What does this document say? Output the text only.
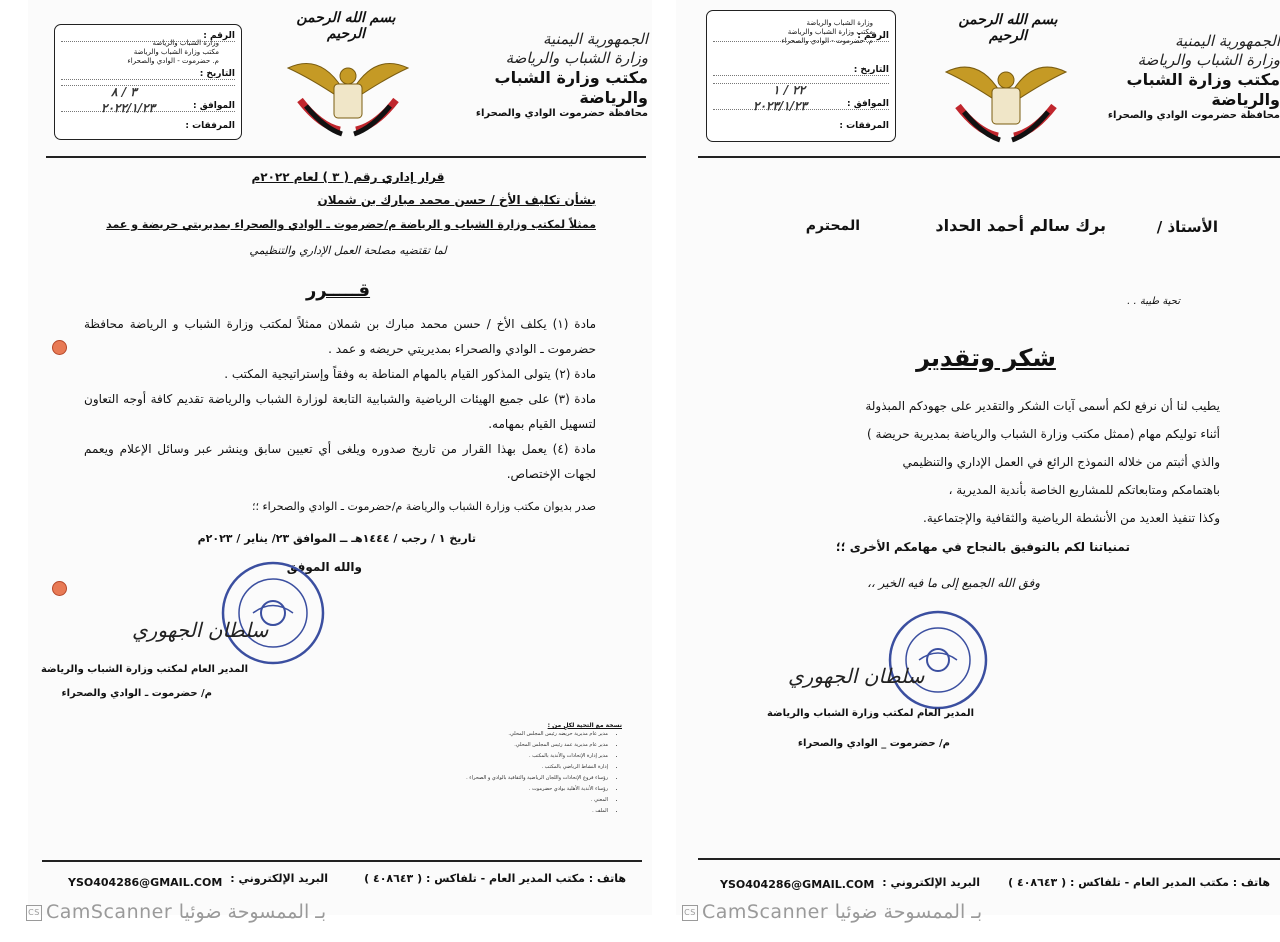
الجمهورية اليمنية
وزارة الشباب والرياضة
مكتب وزارة الشباب والرياضة
محافظة حضرموت الوادي والصحراء
بسم الله الرحمن الرحيم
الرقم :
وزارة الشباب والرياضة
مكتب وزارة الشباب والرياضة
م. حضرموت - الوادي والصحراء
التاريخ :
٣ / ٨
الموافق :
٢٠٢٢/١/٢٣
المرفقات :
قرار إداري رقم ( ٣ ) لعام ٢٠٢٢م
بشأن تكليف الأخ / حسن محمد مبارك بن شملان
ممثلاً لمكتب وزارة الشباب و الرياضة م/حضرموت ـ الوادي والصحراء بمديريتي حريضة و عمد
لما تقتضيه مصلحة العمل الإداري والتنظيمي
قـــــرر
مادة (١) يكلف الأخ / حسن محمد مبارك بن شملان ممثلاً لمكتب وزارة الشباب و الرياضة محافظة حضرموت ـ الوادي والصحراء بمديريتي حريضه و عمد .
مادة (٢) يتولى المذكور القيام بالمهام المناطة به وفقاً وإستراتيجية المكتب .
مادة (٣) على جميع الهيئات الرياضية والشبابية التابعة لوزارة الشباب والرياضة تقديم كافة أوجه التعاون لتسهيل القيام بمهامه.
مادة (٤) يعمل بهذا القرار من تاريخ صدوره ويلغى أي تعيين سابق وينشر عبر وسائل الإعلام ويعمم لجهات الإختصاص.
صدر بديوان مكتب وزارة الشباب والرياضة م/حضرموت ـ الوادي والصحراء ؛؛
تاريخ ١ / رجب / ١٤٤٤هـ ــ الموافق ٢٣/ يناير / ٢٠٢٣م
والله الموفق
سلطان الجهوري
المدير العام لمكتب وزارة الشباب والرياضة
م/ حضرموت ـ الوادي والصحراء
نسخة مع التحية لكلٍ من :
• مدير عام مديرية حريضه رئيس المجلس المحلي.
• مدير عام مديرية عمد رئيس المجلس المحلي.
• مدير إدارة الإتحادات والأندية بالمكتب .
• إدارة النشاط الرياضي بالمكتب .
• رؤساء فروع الإتحادات واللجان الرياضية والثقافية بالوادي و الصحراء .
• رؤساء الأندية الأهلية بوادي حضرموت .
• المعني .
• الملف .
هاتف : مكتب المدير العام - تلفاكس : ( ٤٠٨٦٤٣ )
البريد الإلكتروني :
YSO404286@GMAIL.COM
الجمهورية اليمنية
وزارة الشباب والرياضة
مكتب وزارة الشباب والرياضة
محافظة حضرموت الوادي والصحراء
بسم الله الرحمن الرحيم
الرقم :
وزارة الشباب والرياضة
مكتب وزارة الشباب والرياضة
م. حضرموت - الوادي والصحراء
التاريخ :
٢٢ / ١
الموافق :
٢٠٢٣/١/٢٣
المرفقات :
الأستاذ /
برك سالم أحمد الحداد
المحترم
تحية طيبة . .
شكر وتقدير
يطيب لنا أن نرفع لكم أسمى آيات الشكر والتقدير على جهودكم المبذولة
أثناء توليكم مهام (ممثل مكتب وزارة الشباب والرياضة بمديرية حريضة )
والذي أثبتم من خلاله النموذج الرائع في العمل الإداري والتنظيمي
باهتمامكم ومتابعاتكم للمشاريع الخاصة بأندية المديرية ،
وكذا تنفيذ العديد من الأنشطة الرياضية والثقافية والإجتماعية.
تمنياتنا لكم بالتوفيق بالنجاح في مهامكم الأخرى ؛؛
وفق الله الجميع إلى ما فيه الخير ،،
سلطان الجهوري
المدير العام لمكتب وزارة الشباب والرياضة
م/ حضرموت _ الوادي والصحراء
هاتف : مكتب المدير العام - تلفاكس : ( ٤٠٨٦٤٣ )
البريد الإلكتروني :
YSO404286@GMAIL.COM
CS CamScanner بـ الممسوحة ضوئيا	CS CamScanner بـ الممسوحة ضوئيا
